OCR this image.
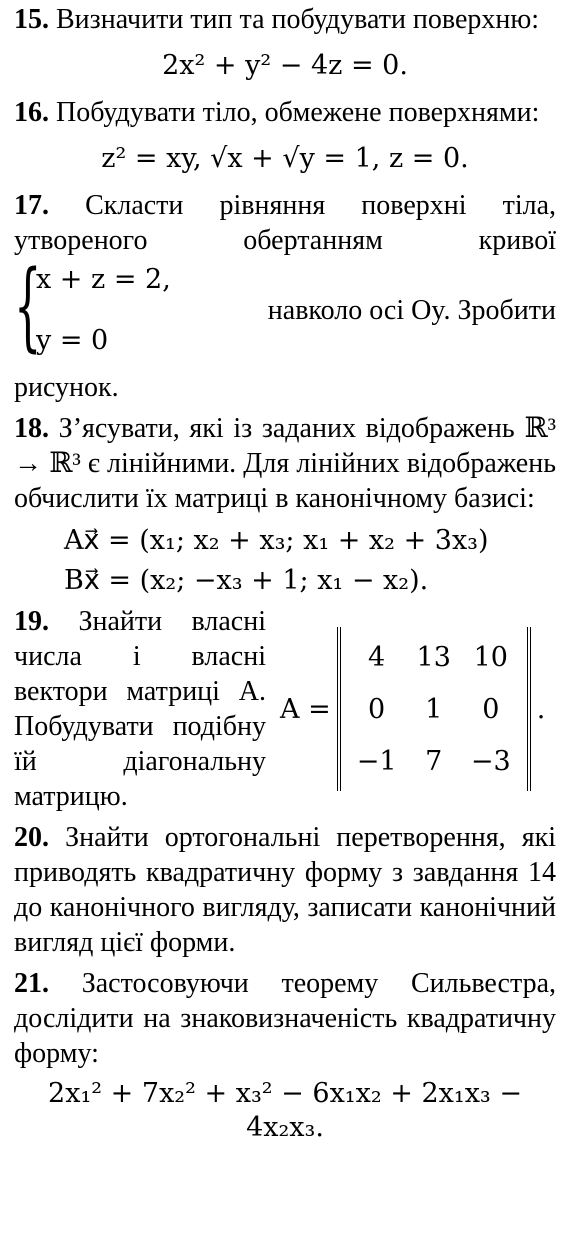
15. Визначити тип та побудувати поверхню:

2x² + y² − 4z = 0.

16. Побудувати тіло, обмежене поверхнями:

z² = xy, √x + √y = 1, z = 0.

17. Скласти рівняння поверхні тіла, утвореного обертанням кривої

{
x + z = 2,
y = 0
навколо осі Oy. Зробити

рисунок.

18. З’ясувати, які із заданих відображень ℝ³ → ℝ³ є лінійними. Для лінійних відображень обчислити їх матриці в канонічному базисі:

Ax⃗ = (x₁; x₂ + x₃; x₁ + x₂ + 3x₃)
Bx⃗ = (x₂; −x₃ + 1; x₁ − x₂).

19. Знайти власні числа і власні вектори матриці A. Побудувати подібну їй діагональну матрицю.

A =
4	13	10
0	1	0
−1	7	−3
.

20. Знайти ортогональні перетворення, які приводять квадратичну форму з завдання 14 до канонічного вигляду, записати канонічний вигляд цієї форми.

21. Застосовуючи теорему Сильвестра, дослідити на знаковизначеність квадратичну форму:

2x₁² + 7x₂² + x₃² − 6x₁x₂ + 2x₁x₃ − 4x₂x₃.
